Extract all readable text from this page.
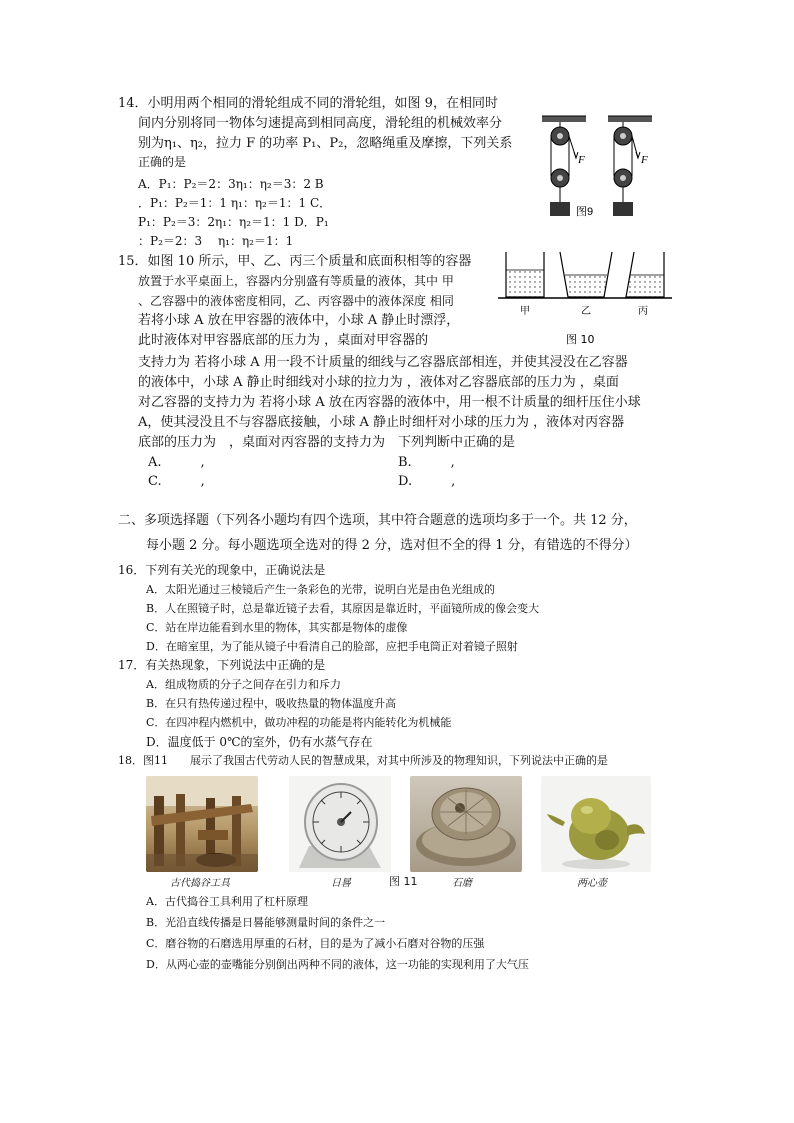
14．小明用两个相同的滑轮组成不同的滑轮组，如图 9，在相同时
间内分别将同一物体匀速提高到相同高度，滑轮组的机械效率分
别为η₁、η₂，拉力 F 的功率 P₁、P₂，忽略绳重及摩擦，下列关系
正确的是
A．P₁：P₂＝2：3η₁：η₂＝3：2 B
．P₁：P₂＝1：1 η₁：η₂＝1：1 C．
P₁：P₂＝3：2η₁：η₂＝1：1 D．P₁
：P₂＝2：3　 η₁：η₂＝1：1
F	F
图9
15．如图 10 所示，甲、乙、丙三个质量和底面积相等的容器
放置于水平桌面上，容器内分别盛有等质量的液体，其中 甲
、乙容器中的液体密度相同，乙、丙容器中的液体深度 相同
若将小球 A 放在甲容器的液体中，小球 A 静止时漂浮，
此时液体对甲容器底部的压力为 ，桌面对甲容器的
支持力为 若将小球 A 用一段不计质量的细线与乙容器底部相连，并使其浸没在乙容器
的液体中，小球 A 静止时细线对小球的拉力为 ，液体对乙容器底部的压力为 ，桌面
对乙容器的支持力为 若将小球 A 放在丙容器的液体中，用一根不计质量的细杆压住小球
A，使其浸没且不与容器底接触，小球 A 静止时细杆对小球的压力为 ，液体对丙容器
底部的压力为　，桌面对丙容器的支持力为　下列判断中正确的是
A.　　　,	B.　　　,
C.　　　,	D.　　　,
甲	乙	丙
图 10
二、多项选择题（下列各小题均有四个选项，其中符合题意的选项均多于一个。共 12 分，
每小题 2 分。每小题选项全选对的得 2 分，选对但不全的得 1 分，有错选的不得分）
16．下列有关光的现象中，正确说法是
A．太阳光通过三棱镜后产生一条彩色的光带，说明白光是由色光组成的
B．人在照镜子时，总是靠近镜子去看，其原因是靠近时，平面镜所成的像会变大
C．站在岸边能看到水里的物体，其实都是物体的虚像
D．在暗室里，为了能从镜子中看清自己的脸部，应把手电筒正对着镜子照射
17．有关热现象，下列说法中正确的是
A．组成物质的分子之间存在引力和斥力
B．在只有热传递过程中，吸收热量的物体温度升高
C．在四冲程内燃机中，做功冲程的功能是将内能转化为机械能
D．温度低于 0℃的室外，仍有水蒸气存在
18．图11　　展示了我国古代劳动人民的智慧成果，对其中所涉及的物理知识，下列说法中正确的是
古代捣谷工具	日晷	图 11	石磨	两心壶
A．古代捣谷工具利用了杠杆原理
B．光沿直线传播是日晷能够测量时间的条件之一
C．磨谷物的石磨选用厚重的石材，目的是为了减小石磨对谷物的压强
D．从两心壶的壶嘴能分别倒出两种不同的液体，这一功能的实现利用了大气压
